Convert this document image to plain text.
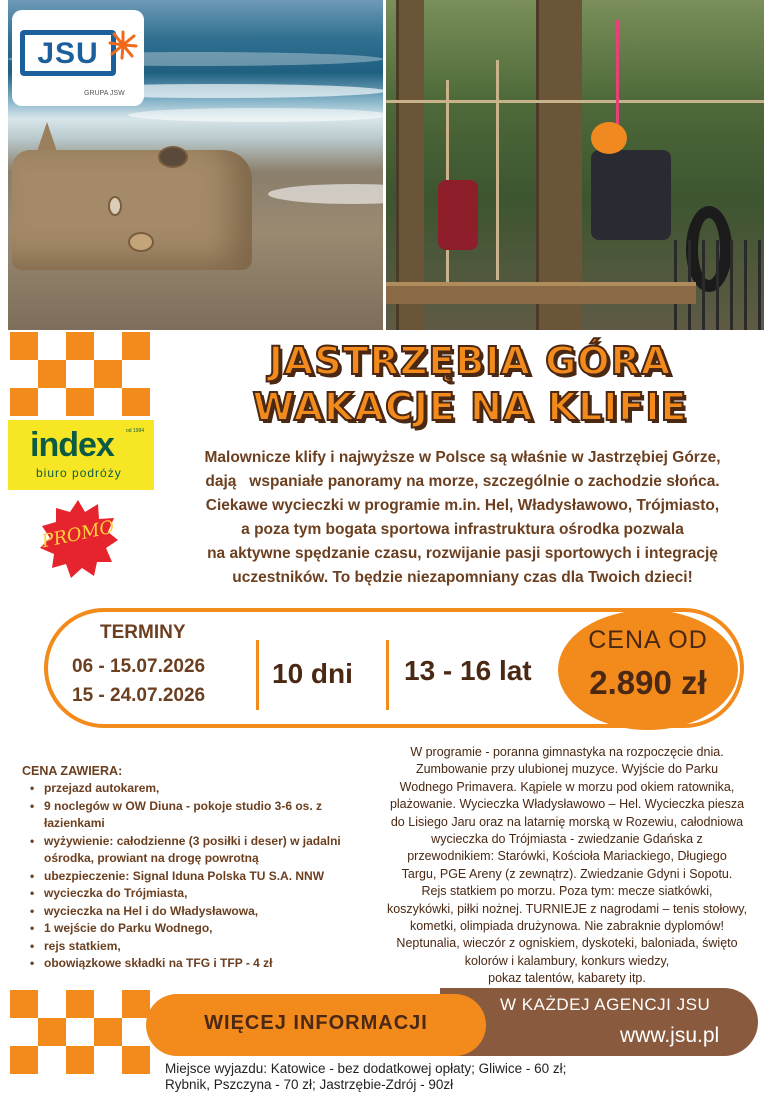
JSU
GRUPA JSW
index od 1994
biuro podróży
PROMO
JASTRZĘBIA GÓRA
WAKACJE NA KLIFIE
Malownicze klify i najwyższe w Polsce są właśnie w Jastrzębiej Górze,
dają   wspaniałe panoramy na morze, szczególnie o zachodzie słońca.
Ciekawe wycieczki w programie m.in. Hel, Władysławowo, Trójmiasto,
a poza tym bogata sportowa infrastruktura ośrodka pozwala
na aktywne spędzanie czasu, rozwijanie pasji sportowych i integrację
uczestników. To będzie niezapomniany czas dla Twoich dzieci!
TERMINY
06 - 15.07.2026
15 - 24.07.2026
10 dni 13 - 16 lat
CENA OD
2.890 zł
CENA ZAWIERA:
• przejazd autokarem,
• 9 noclegów w OW Diuna - pokoje studio 3-6 os. z łazienkami
• wyżywienie: całodzienne (3 posiłki i deser) w jadalni ośrodka, prowiant na drogę powrotną
• ubezpieczenie: Signal Iduna Polska TU S.A. NNW
• wycieczka do Trójmiasta,
• wycieczka na Hel i do Władysławowa,
• 1 wejście do Parku Wodnego,
• rejs statkiem,
• obowiązkowe składki na TFG i TFP - 4 zł
W programie - poranna gimnastyka na rozpoczęcie dnia.
Zumbowanie przy ulubionej muzyce. Wyjście do Parku
Wodnego Primavera. Kąpiele w morzu pod okiem ratownika,
plażowanie. Wycieczka Władysławowo – Hel. Wycieczka piesza
do Lisiego Jaru oraz na latarnię morską w Rozewiu, całodniowa
wycieczka do Trójmiasta - zwiedzanie Gdańska z
przewodnikiem: Starówki, Kościoła Mariackiego, Długiego
Targu, PGE Areny (z zewnątrz). Zwiedzanie Gdyni i Sopotu.
Rejs statkiem po morzu. Poza tym: mecze siatkówki,
koszykówki, piłki nożnej. TURNIEJE z nagrodami – tenis stołowy,
kometki, olimpiada drużynowa. Nie zabraknie dyplomów!
Neptunalia, wieczór z ogniskiem, dyskoteki, baloniada, święto
kolorów i kalambury, konkurs wiedzy,
pokaz talentów, kabarety itp.
W KAŻDEJ AGENCJI JSU
www.jsu.pl
WIĘCEJ INFORMACJI
Miejsce wyjazdu: Katowice - bez dodatkowej opłaty; Gliwice - 60 zł;
Rybnik, Pszczyna - 70 zł; Jastrzębie-Zdrój - 90zł
